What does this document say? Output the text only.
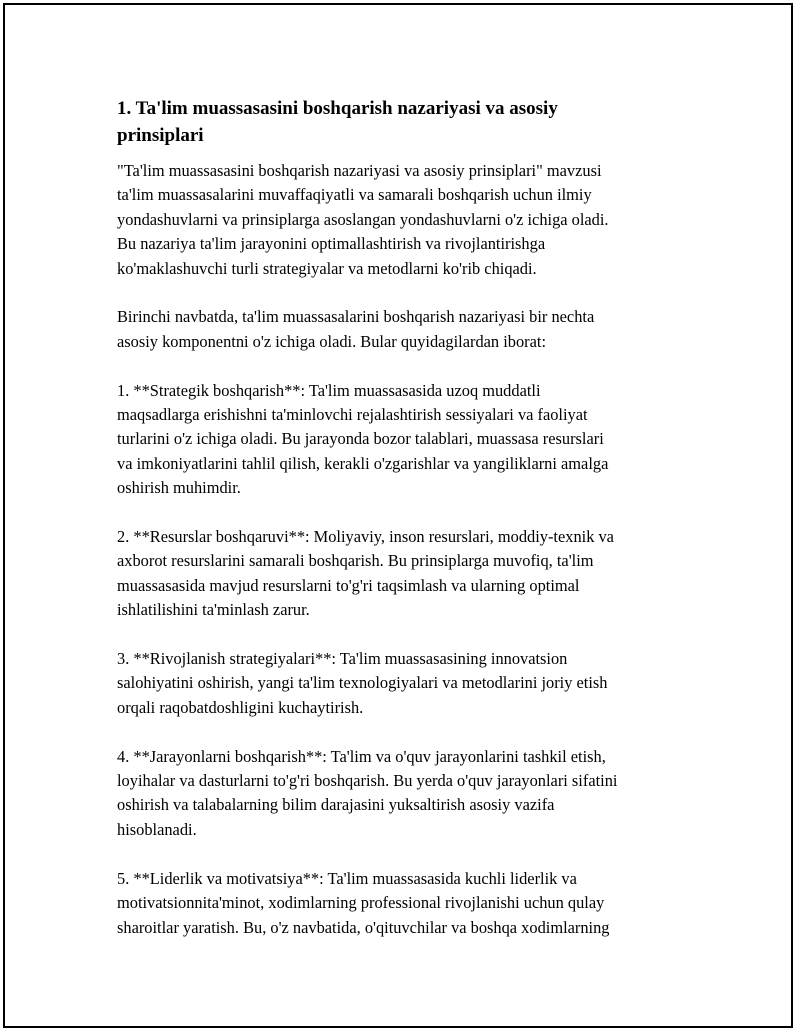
1. Ta'lim muassasasini boshqarish nazariyasi va asosiy
prinsiplari
"Ta'lim muassasasini boshqarish nazariyasi va asosiy prinsiplari" mavzusi
ta'lim muassasalarini muvaffaqiyatli va samarali boshqarish uchun ilmiy
yondashuvlarni va prinsiplarga asoslangan yondashuvlarni o'z ichiga oladi.
Bu nazariya ta'lim jarayonini optimallashtirish va rivojlantirishga
ko'maklashuvchi turli strategiyalar va metodlarni ko'rib chiqadi.
Birinchi navbatda, ta'lim muassasalarini boshqarish nazariyasi bir nechta
asosiy komponentni o'z ichiga oladi. Bular quyidagilardan iborat:
1. **Strategik boshqarish**: Ta'lim muassasasida uzoq muddatli
maqsadlarga erishishni ta'minlovchi rejalashtirish sessiyalari va faoliyat
turlarini o'z ichiga oladi. Bu jarayonda bozor talablari, muassasa resurslari
va imkoniyatlarini tahlil qilish, kerakli o'zgarishlar va yangiliklarni amalga
oshirish muhimdir.
2. **Resurslar boshqaruvi**: Moliyaviy, inson resurslari, moddiy-texnik va
axborot resurslarini samarali boshqarish. Bu prinsiplarga muvofiq, ta'lim
muassasasida mavjud resurslarni to'g'ri taqsimlash va ularning optimal
ishlatilishini ta'minlash zarur.
3. **Rivojlanish strategiyalari**: Ta'lim muassasasining innovatsion
salohiyatini oshirish, yangi ta'lim texnologiyalari va metodlarini joriy etish
orqali raqobatdoshligini kuchaytirish.
4. **Jarayonlarni boshqarish**: Ta'lim va o'quv jarayonlarini tashkil etish,
loyihalar va dasturlarni to'g'ri boshqarish. Bu yerda o'quv jarayonlari sifatini
oshirish va talabalarning bilim darajasini yuksaltirish asosiy vazifa
hisoblanadi.
5. **Liderlik va motivatsiya**: Ta'lim muassasasida kuchli liderlik va
motivatsionnita'minot, xodimlarning professional rivojlanishi uchun qulay
sharoitlar yaratish. Bu, o'z navbatida, o'qituvchilar va boshqa xodimlarning
